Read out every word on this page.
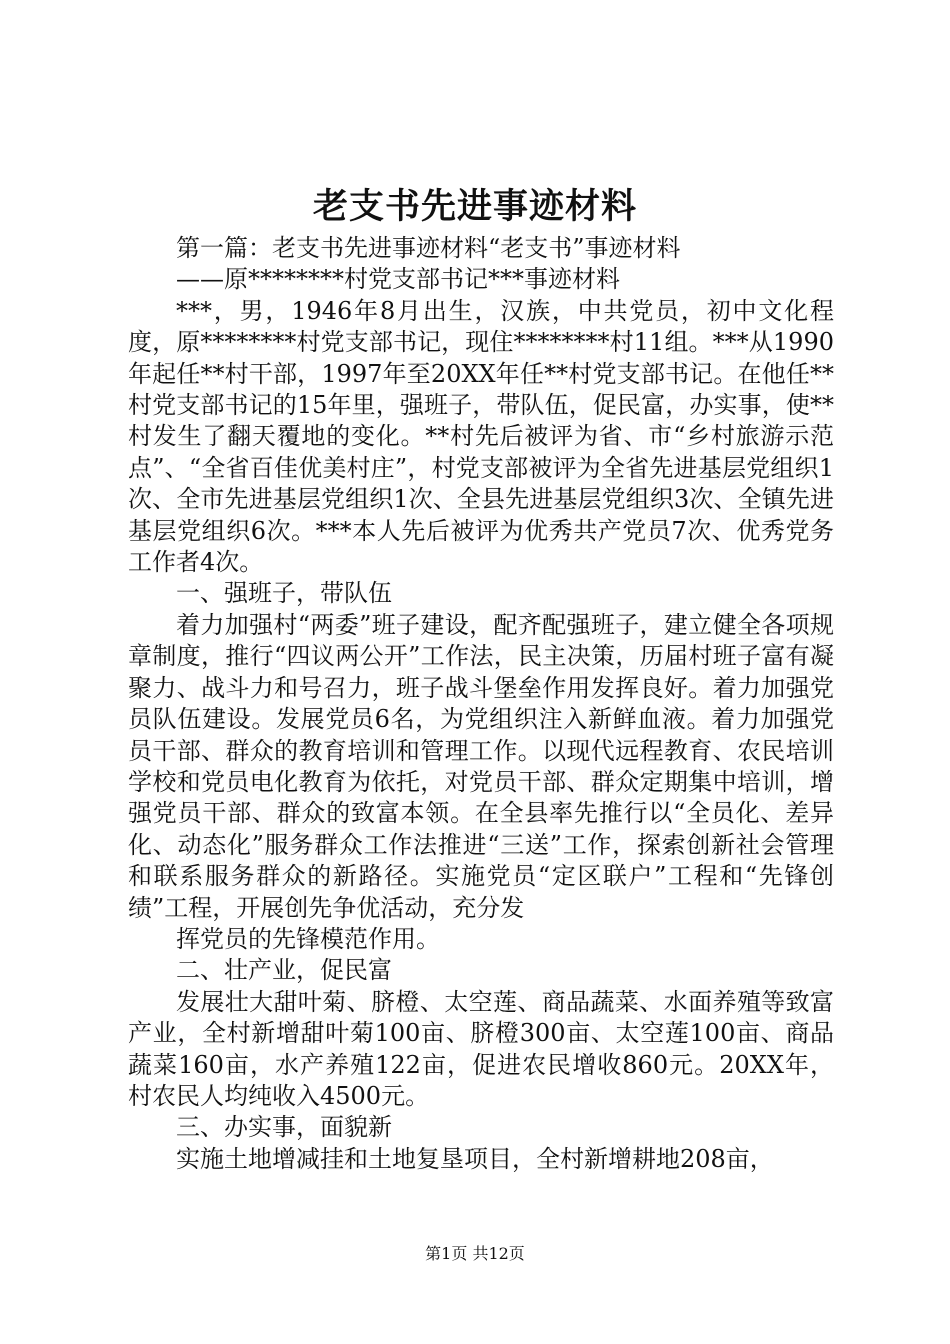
老支书先进事迹材料

第一篇：老支书先进事迹材料“老支书”事迹材料

——原********村党支部书记***事迹材料

***，男，1946年8月出生，汉族，中共党员，初中文化程度，原********村党支部书记，现住********村11组。***从1990年起任**村干部，1997年至20XX年任**村党支部书记。在他任**村党支部书记的15年里，强班子，带队伍，促民富，办实事，使**村发生了翻天覆地的变化。**村先后被评为省、市“乡村旅游示范点”、“全省百佳优美村庄”，村党支部被评为全省先进基层党组织1次、全市先进基层党组织1次、全县先进基层党组织3次、全镇先进基层党组织6次。***本人先后被评为优秀共产党员7次、优秀党务工作者4次。

一、强班子，带队伍

着力加强村“两委”班子建设，配齐配强班子，建立健全各项规章制度，推行“四议两公开”工作法，民主决策，历届村班子富有凝聚力、战斗力和号召力，班子战斗堡垒作用发挥良好。着力加强党员队伍建设。发展党员6名，为党组织注入新鲜血液。着力加强党员干部、群众的教育培训和管理工作。以现代远程教育、农民培训学校和党员电化教育为依托，对党员干部、群众定期集中培训，增强党员干部、群众的致富本领。在全县率先推行以“全员化、差异化、动态化”服务群众工作法推进“三送”工作，探索创新社会管理和联系服务群众的新路径。实施党员“定区联户”工程和“先锋创绩”工程，开展创先争优活动，充分发

挥党员的先锋模范作用。

二、壮产业，促民富

发展壮大甜叶菊、脐橙、太空莲、商品蔬菜、水面养殖等致富产业，全村新增甜叶菊100亩、脐橙300亩、太空莲100亩、商品蔬菜160亩，水产养殖122亩，促进农民增收860元。20XX年，村农民人均纯收入4500元。

三、办实事，面貌新

实施土地增减挂和土地复垦项目，全村新增耕地208亩，

第1页 共12页
